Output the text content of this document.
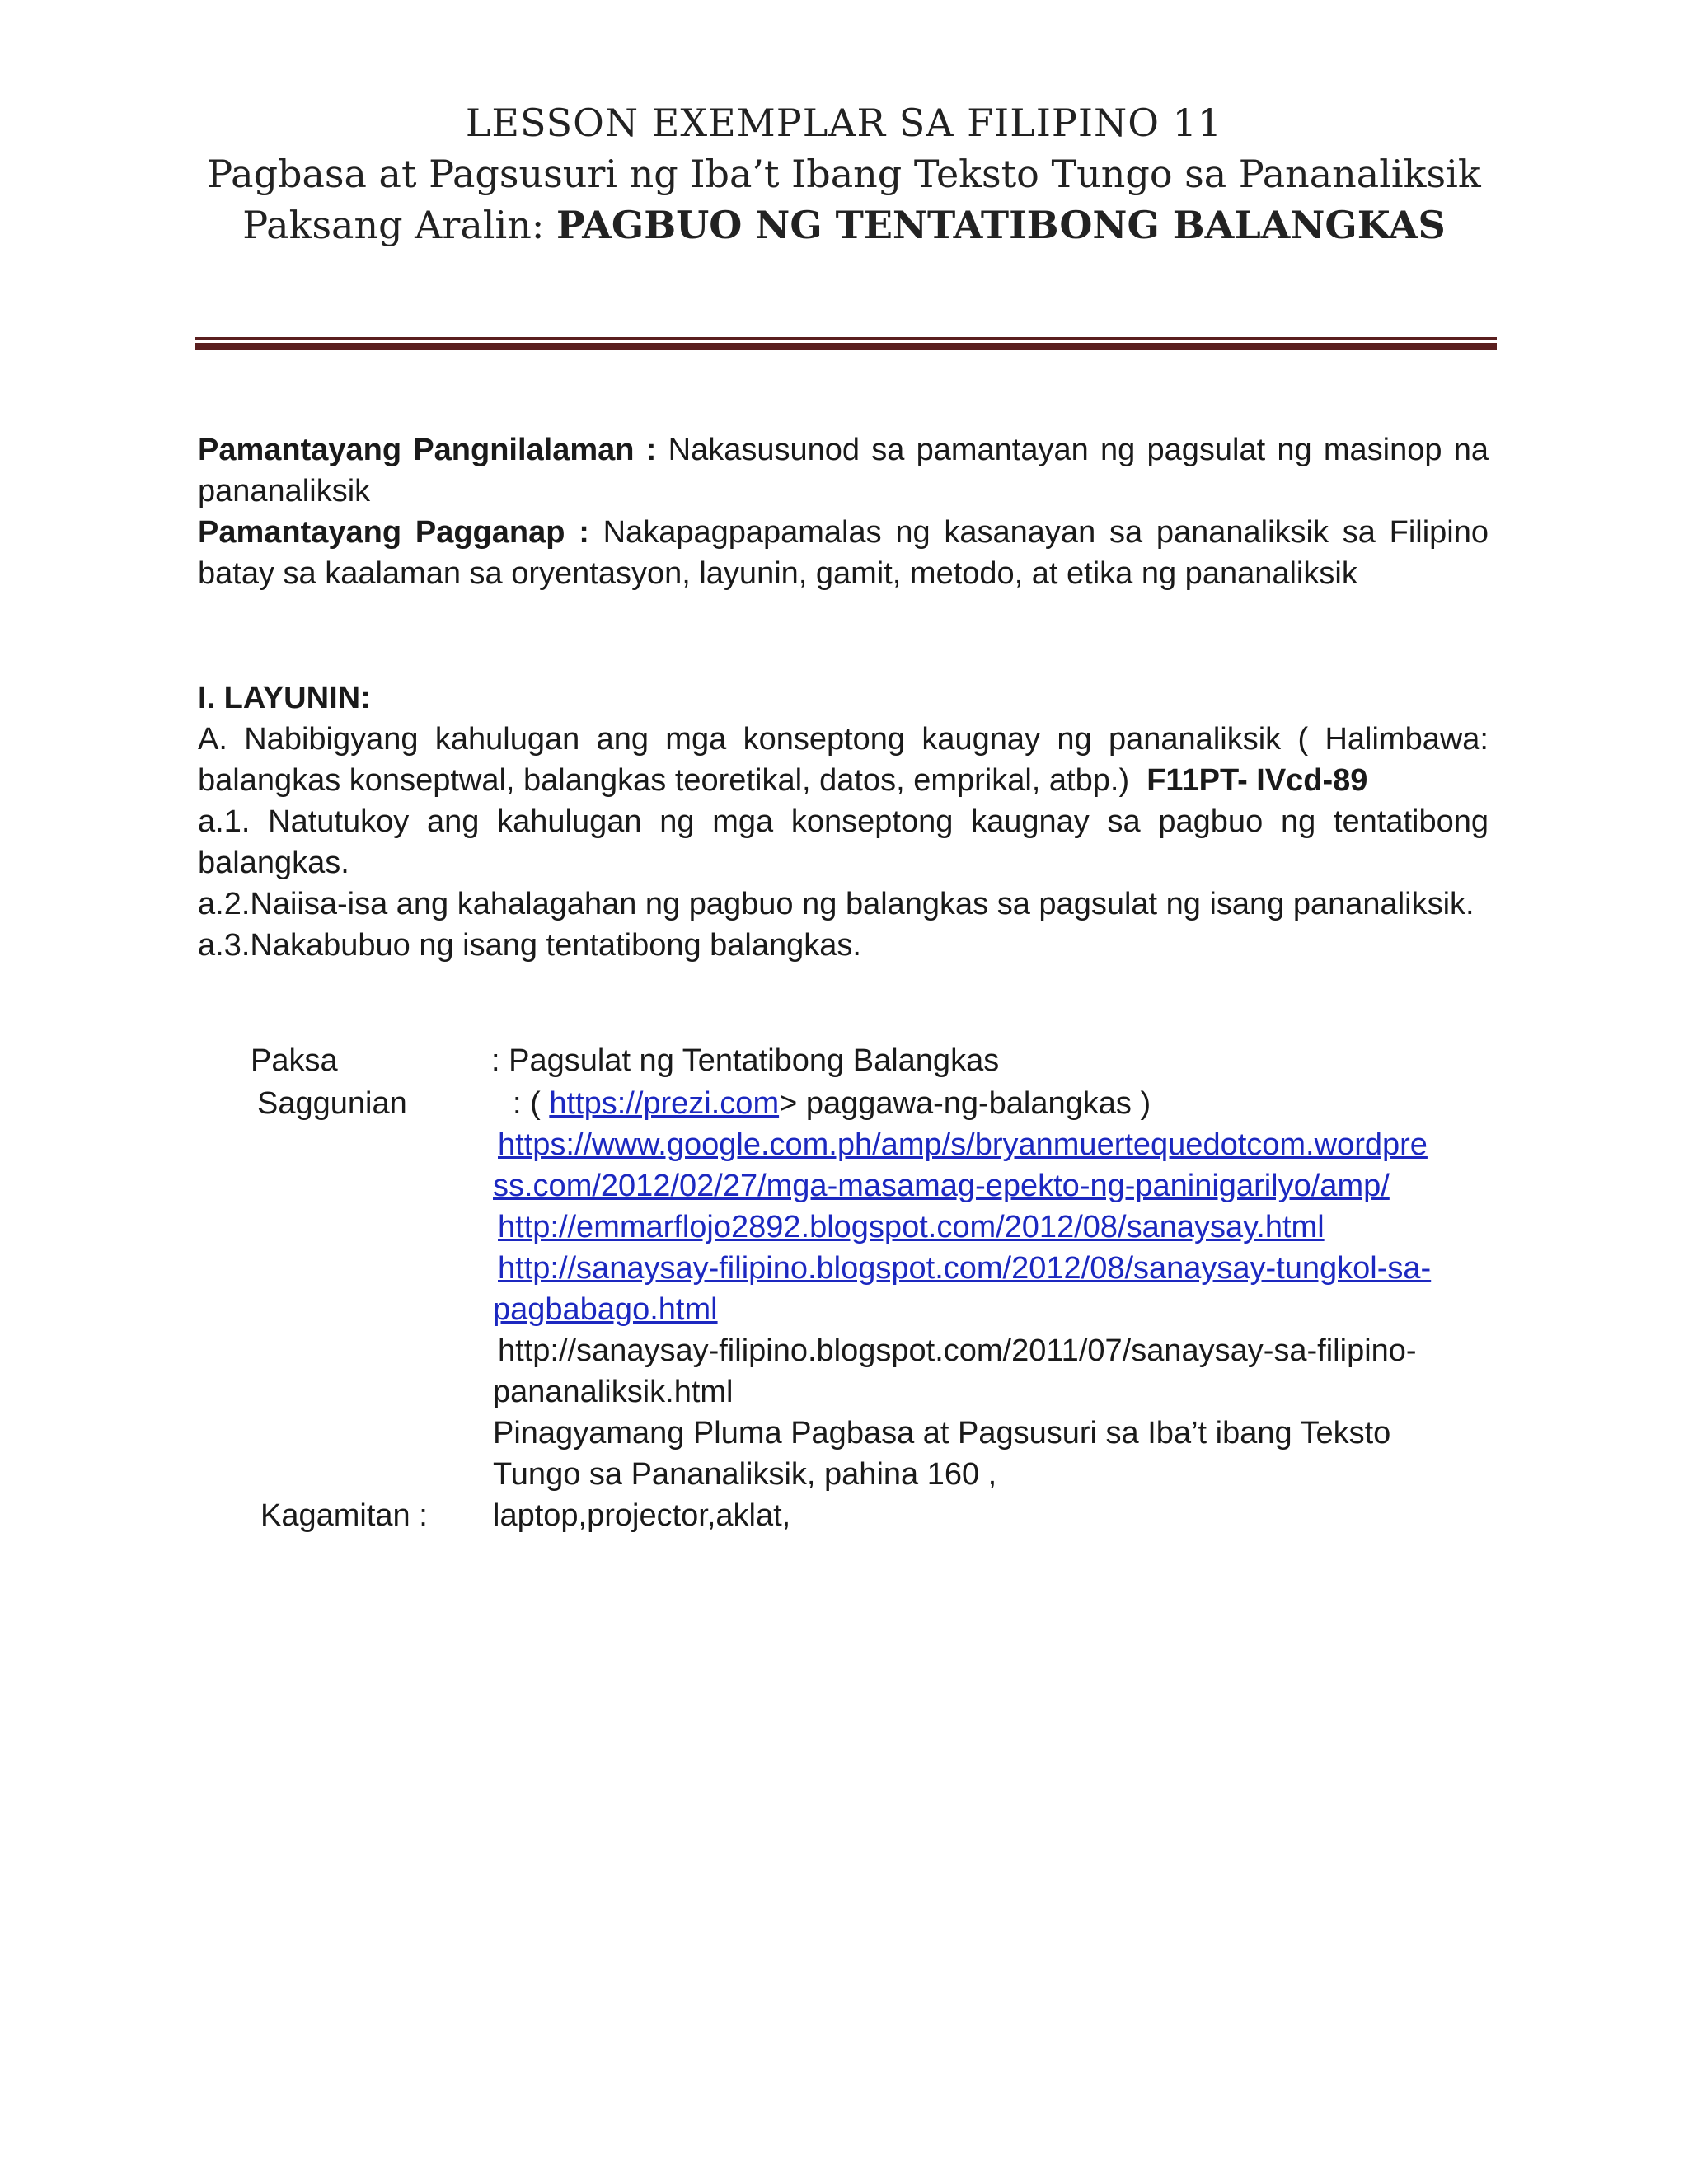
LESSON EXEMPLAR SA FILIPINO 11
Pagbasa at Pagsusuri ng Iba’t Ibang Teksto Tungo sa Pananaliksik
Paksang Aralin: PAGBUO NG TENTATIBONG BALANGKAS

Pamantayang Pangnilalaman : Nakasusunod sa pamantayan ng pagsulat ng masinop na pananaliksik

Pamantayang Pagganap : Nakapagpapamalas ng kasanayan sa pananaliksik sa Filipino batay sa kaalaman sa oryentasyon, layunin, gamit, metodo, at etika ng pananaliksik

I. LAYUNIN:

A. Nabibigyang kahulugan ang mga konseptong kaugnay ng pananaliksik ( Halimbawa: balangkas konseptwal, balangkas teoretikal, datos, emprikal, atbp.) F11PT- IVcd-89

a.1. Natutukoy ang kahulugan ng mga konseptong kaugnay sa pagbuo ng tentatibong balangkas.

a.2.Naiisa-isa ang kahalagahan ng pagbuo ng balangkas sa pagsulat ng isang pananaliksik.

a.3.Nakabubuo ng isang tentatibong balangkas.

Paksa	: Pagsulat ng Tentatibong Balangkas
Saggunian	: ( https://prezi.com> paggawa-ng-balangkas )

https://www.google.com.ph/amp/s/bryanmuertequedotcom.wordpre

ss.com/2012/02/27/mga-masamag-epekto-ng-paninigarilyo/amp/

http://emmarflojo2892.blogspot.com/2012/08/sanaysay.html

http://sanaysay-filipino.blogspot.com/2012/08/sanaysay-tungkol-sa-

pagbabago.html

http://sanaysay-filipino.blogspot.com/2011/07/sanaysay-sa-filipino-

pananaliksik.html

Pinagyamang Pluma Pagbasa at Pagsusuri sa Iba’t ibang Teksto

Tungo sa Pananaliksik, pahina 160 ,

Kagamitan : laptop,projector,aklat,
